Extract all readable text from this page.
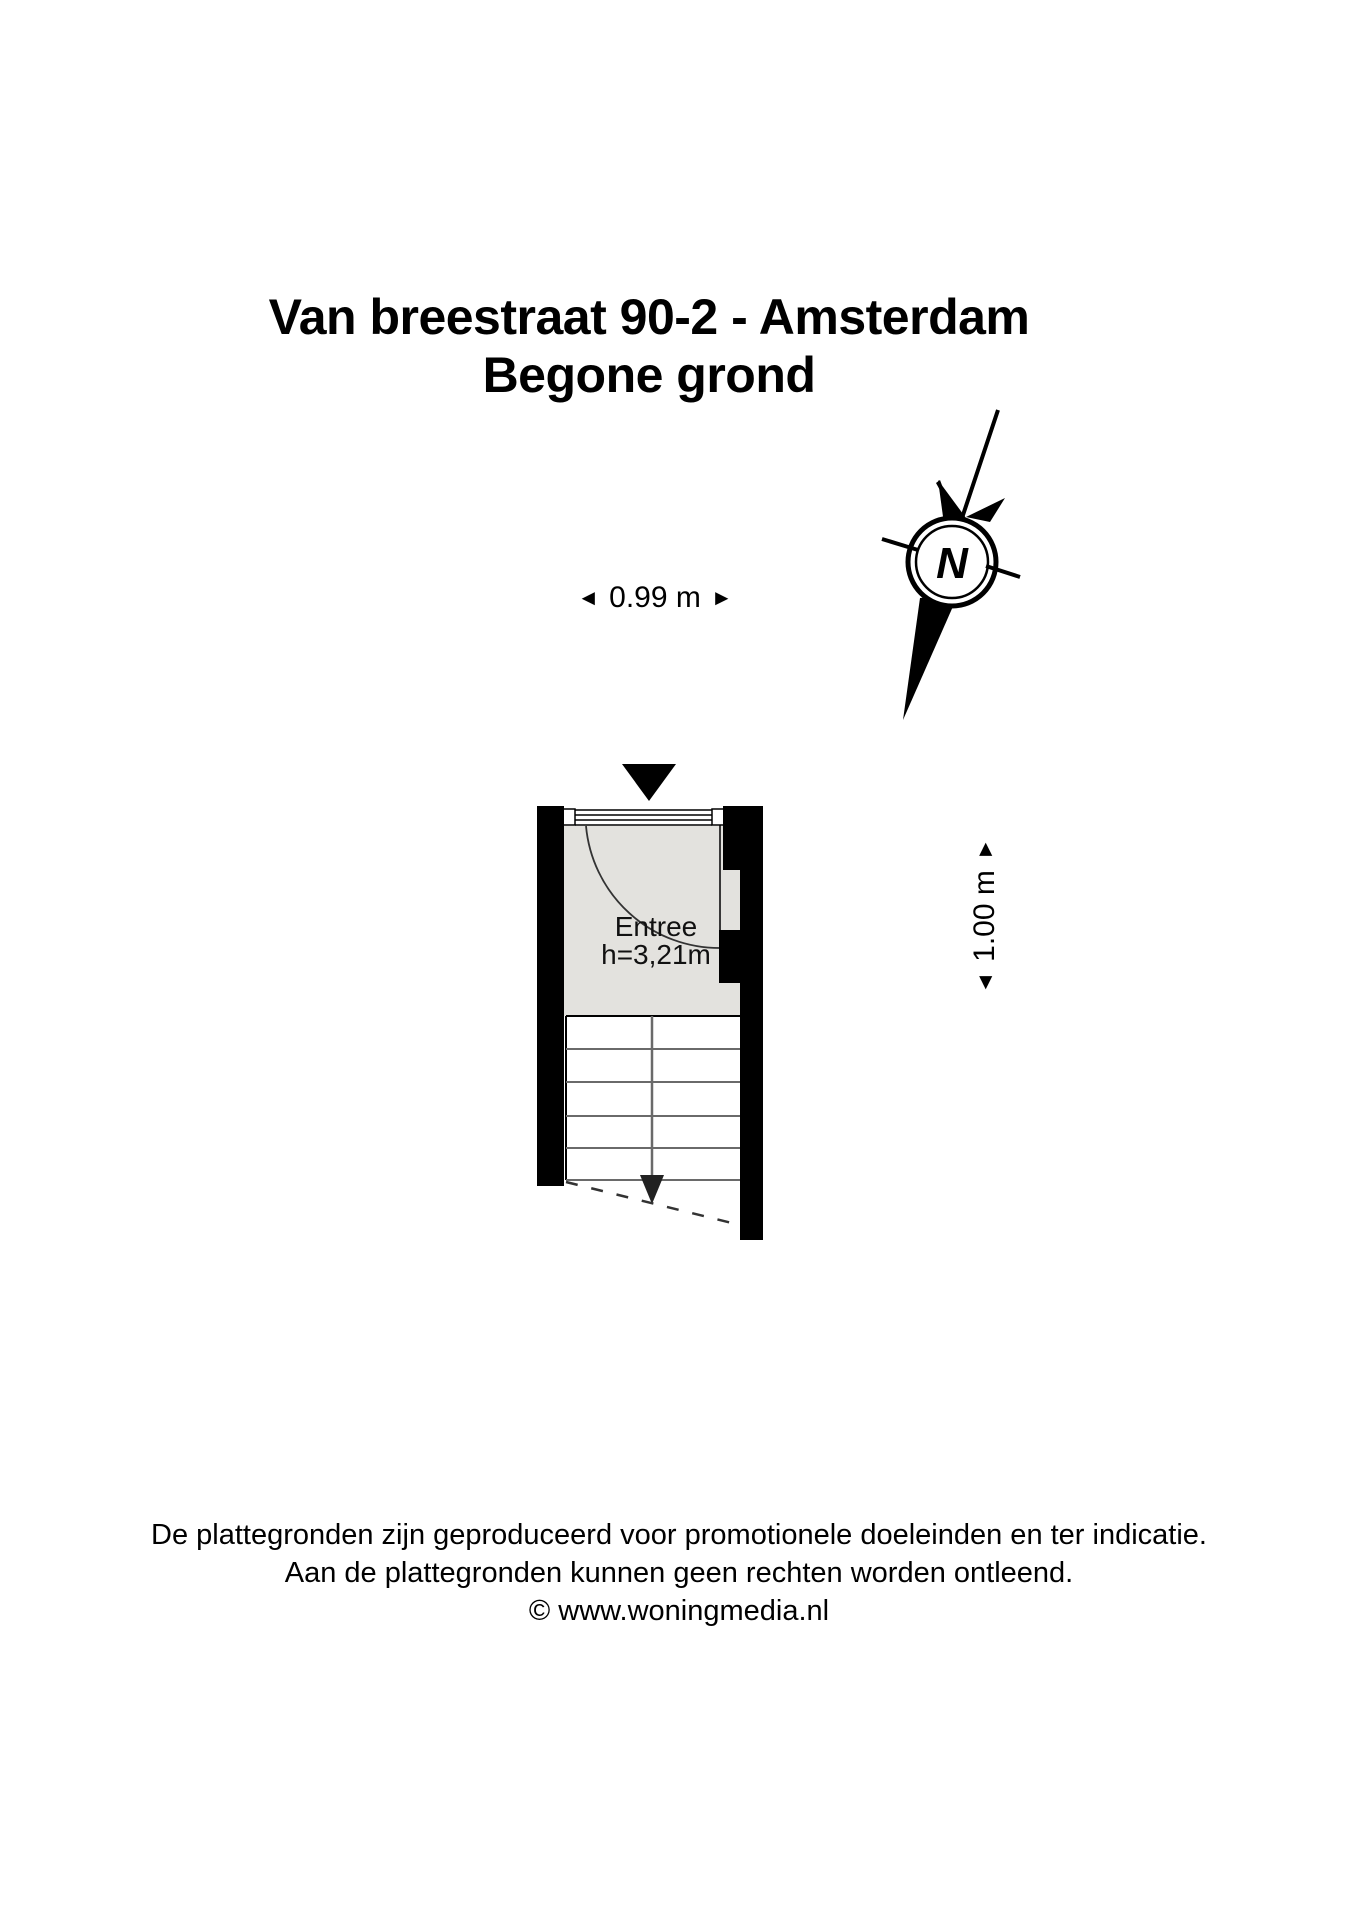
Van breestraat 90-2 - Amsterdam
Begone grond
N
Entree
h=3,21m
◄ 0.99 m ►
◄
1.00 m
►
De plattegronden zijn geproduceerd voor promotionele doeleinden en ter indicatie.
Aan de plattegronden kunnen geen rechten worden ontleend.
© www.woningmedia.nl
